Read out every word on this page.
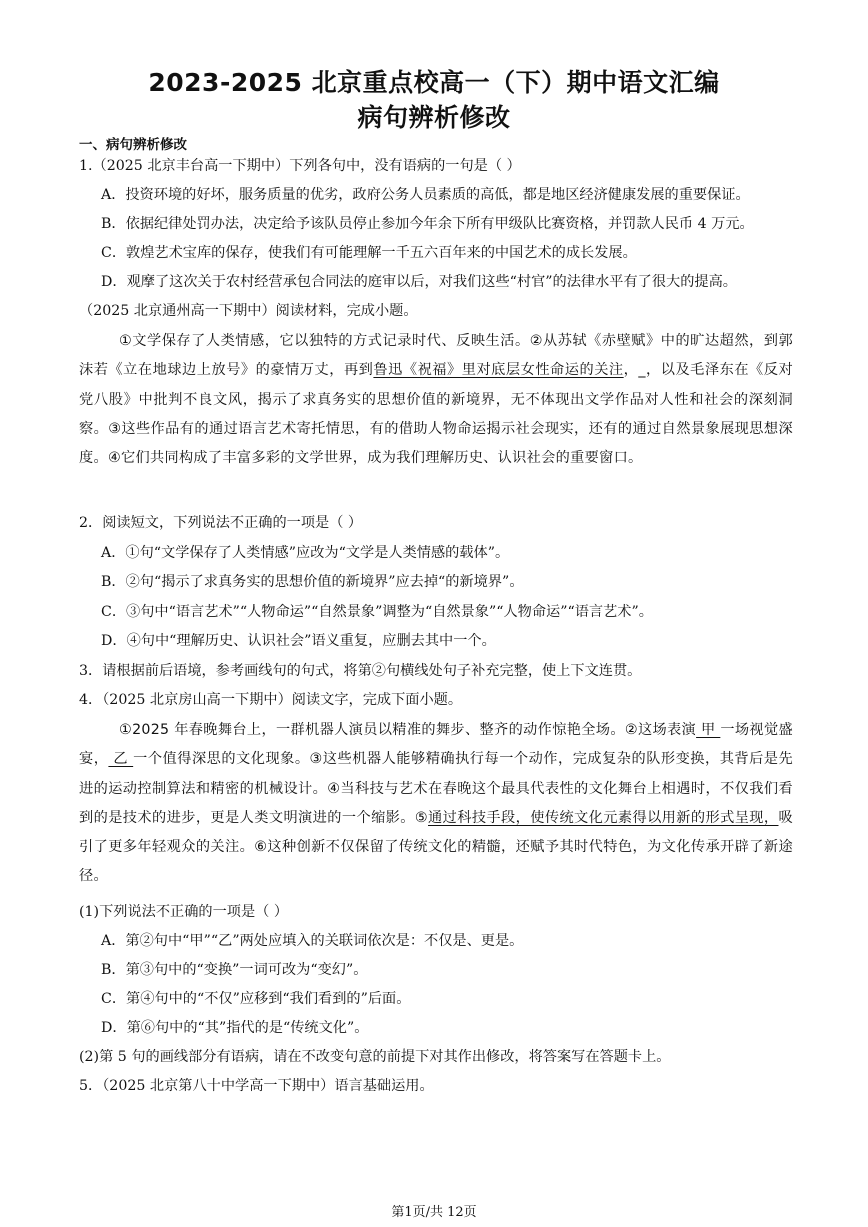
2023-2025 北京重点校高一（下）期中语文汇编
病句辨析修改
一、病句辨析修改
1.（2025 北京丰台高一下期中）下列各句中，没有语病的一句是（ ）
A．投资环境的好坏，服务质量的优劣，政府公务人员素质的高低，都是地区经济健康发展的重要保证。
B．依据纪律处罚办法，决定给予该队员停止参加今年余下所有甲级队比赛资格，并罚款人民币 4 万元。
C．敦煌艺术宝库的保存，使我们有可能理解一千五六百年来的中国艺术的成长发展。
D．观摩了这次关于农村经营承包合同法的庭审以后，对我们这些“村官”的法律水平有了很大的提高。
（2025 北京通州高一下期中）阅读材料，完成小题。
①文学保存了人类情感，它以独特的方式记录时代、反映生活。②从苏轼《赤壁赋》中的旷达超然，到郭沫若《立在地球边上放号》的豪情万丈，再到鲁迅《祝福》里对底层女性命运的关注，_，以及毛泽东在《反对党八股》中批判不良文风，揭示了求真务实的思想价值的新境界，无不体现出文学作品对人性和社会的深刻洞察。③这些作品有的通过语言艺术寄托情思，有的借助人物命运揭示社会现实，还有的通过自然景象展现思想深度。④它们共同构成了丰富多彩的文学世界，成为我们理解历史、认识社会的重要窗口。
2．阅读短文，下列说法不正确的一项是（ ）
A．①句“文学保存了人类情感”应改为“文学是人类情感的载体”。
B．②句“揭示了求真务实的思想价值的新境界”应去掉“的新境界”。
C．③句中“语言艺术”“人物命运”“自然景象”调整为“自然景象”“人物命运”“语言艺术”。
D．④句中“理解历史、认识社会”语义重复，应删去其中一个。
3．请根据前后语境，参考画线句的句式，将第②句横线处句子补充完整，使上下文连贯。
4．（2025 北京房山高一下期中）阅读文字，完成下面小题。
①2025 年春晚舞台上，一群机器人演员以精准的舞步、整齐的动作惊艳全场。②这场表演 甲 一场视觉盛宴， 乙 一个值得深思的文化现象。③这些机器人能够精确执行每一个动作，完成复杂的队形变换，其背后是先进的运动控制算法和精密的机械设计。④当科技与艺术在春晚这个最具代表性的文化舞台上相遇时，不仅我们看到的是技术的进步，更是人类文明演进的一个缩影。⑤通过科技手段，使传统文化元素得以用新的形式呈现，吸引了更多年轻观众的关注。⑥这种创新不仅保留了传统文化的精髓，还赋予其时代特色，为文化传承开辟了新途径。
(1)下列说法不正确的一项是（ ）
A．第②句中“甲”“乙”两处应填入的关联词依次是：不仅是、更是。
B．第③句中的“变换”一词可改为“变幻”。
C．第④句中的“不仅”应移到“我们看到的”后面。
D．第⑥句中的“其”指代的是“传统文化”。
(2)第 5 句的画线部分有语病，请在不改变句意的前提下对其作出修改，将答案写在答题卡上。
5．（2025 北京第八十中学高一下期中）语言基础运用。
第1页/共 12页
